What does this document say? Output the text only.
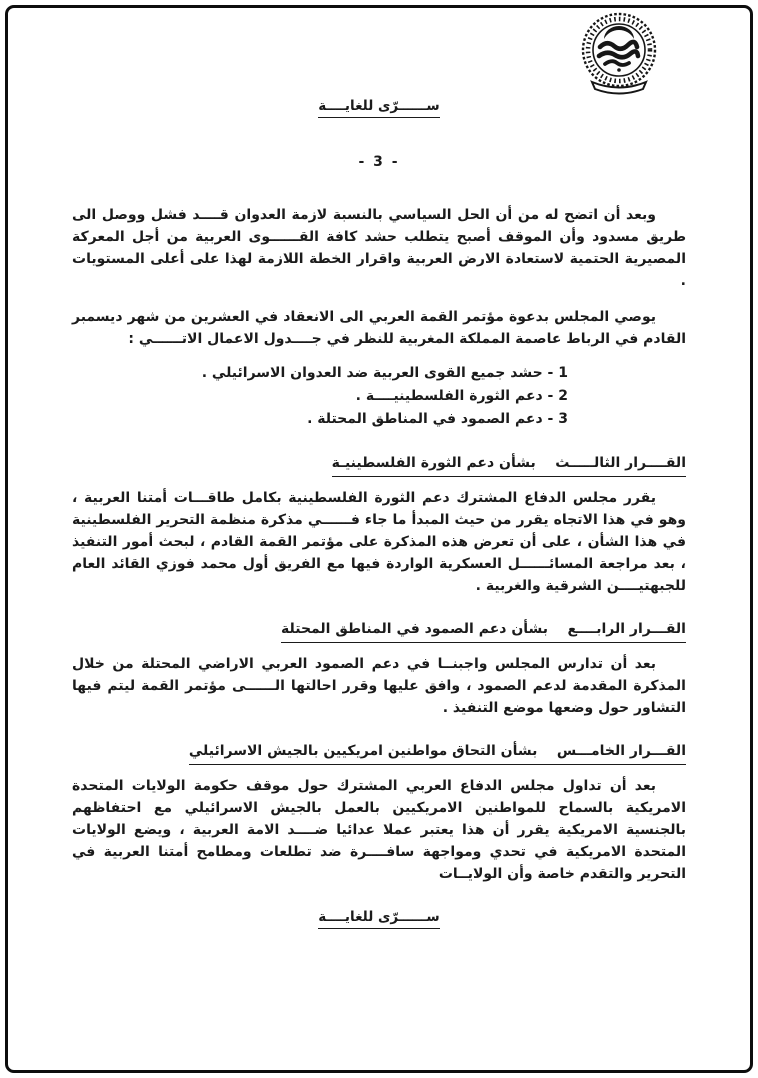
ســــــرّى للغايــــة
- 3 -

وبعد أن اتضح له من أن الحل السياسي بالنسبة لازمة العدوان قــــد فشل ووصل الى طريق مسدود وأن الموقف أصبح يتطلب حشد كافة القــــــوى العربية من أجل المعركة المصيرية الحتمية لاستعادة الارض العربية واقرار الخطة اللازمة لهذا على أعلى المستويات .

يوصي المجلس بدعوة مؤتمر القمة العربي الى الانعقاد في العشرين من شهر ديسمبر القادم في الرباط عاصمة المملكة المغربية للنظر في جــــدول الاعمال الاتــــــي :

1 - حشد جميع القوى العربية ضد العدوان الاسرائيلي .
2 - دعم الثورة الفلسطينيــــة .
3 - دعم الصمود في المناطق المحتلة .
القــــرار الثالـــــث    بشأن دعم الثورة الفلسطينيـة

يقرر مجلس الدفاع المشترك دعم الثورة الفلسطينية بكامل طاقـــات أمتنا العربية ، وهو في هذا الاتجاه يقرر من حيث المبدأ ما جاء فــــــي مذكرة منظمة التحرير الفلسطينية في هذا الشأن ، على أن تعرض هذه المذكرة على مؤتمر القمة القادم ، لبحث أمور التنفيذ ، بعد مراجعة المسائــــــل العسكرية الواردة فيها مع الفريق أول محمد فوزي القائد العام للجبهتيــــن الشرقية والغربية .

القـــرار الرابــــع    بشأن دعم الصمود في المناطق المحتلة

بعد أن تدارس المجلس واجبنــا في دعم الصمود العربي الاراضي المحتلة من خلال المذكرة المقدمة لدعم الصمود ، وافق عليها وقرر احالتها الــــــى مؤتمر القمة ليتم فيها التشاور حول وضعها موضع التنفيذ .

القـــرار الخامـــس    بشأن التحاق مواطنين امريكيين بالجيش الاسرائيلي

بعد أن تداول مجلس الدفاع العربي المشترك حول موقف حكومة الولايات المتحدة الامريكية بالسماح للمواطنين الامريكيين بالعمل بالجيش الاسرائيلي مع احتفاظهم بالجنسية الامريكية يقرر أن هذا يعتبر عملا عدائيا ضــــد الامة العربية ، ويضع الولايات المتحدة الامريكية في تحدي ومواجهة سافــــرة ضد تطلعات ومطامح أمتنا العربية في التحرير والتقدم خاصة وأن الولايــات

ســــــرّى للغايــــة
